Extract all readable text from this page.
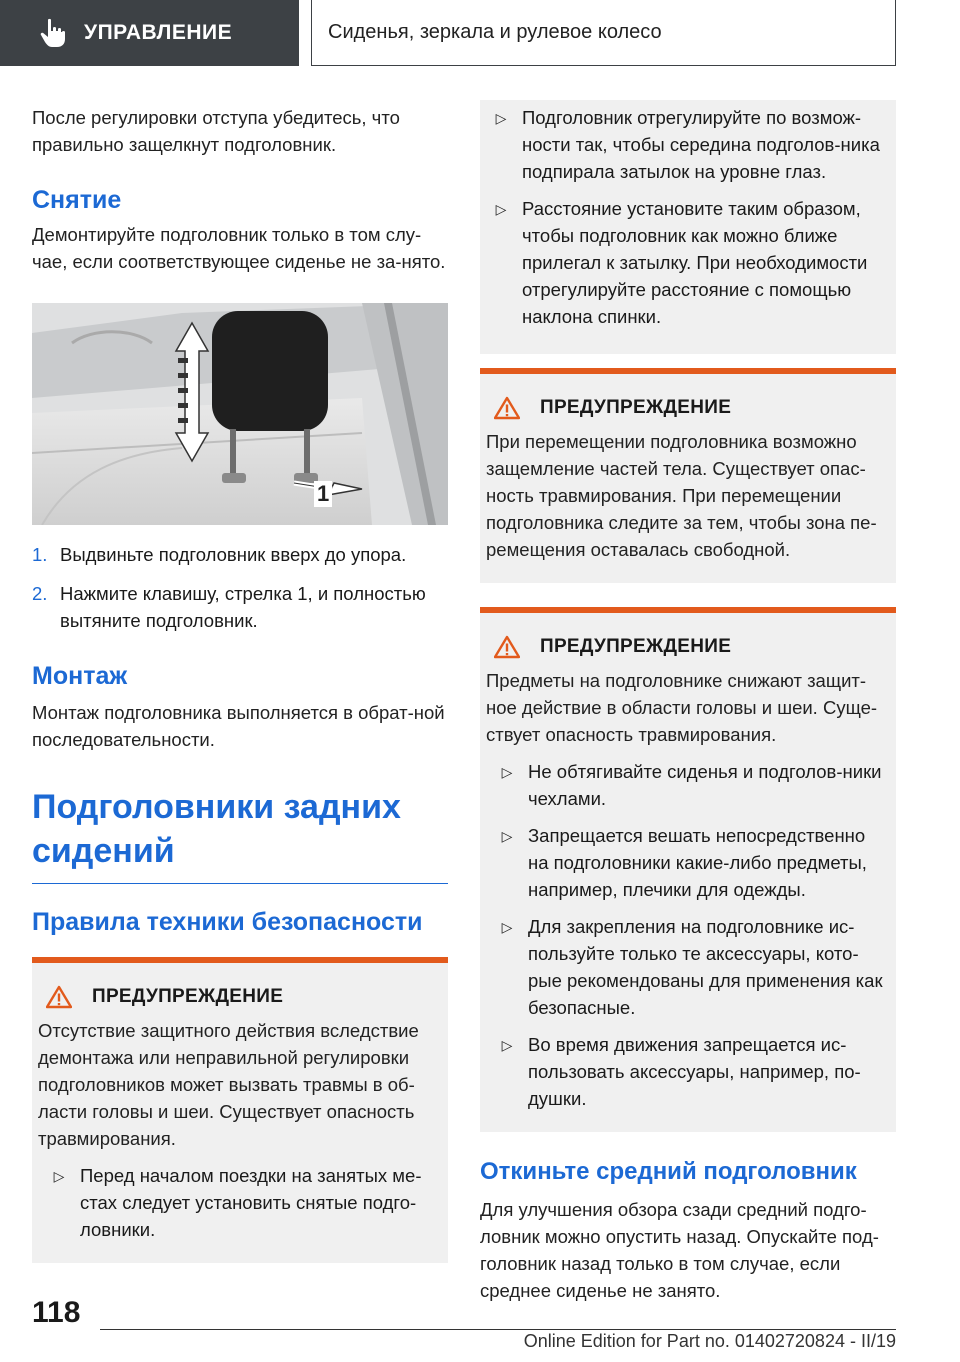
УПРАВЛЕНИЕ	Сиденья, зеркала и рулевое колесо

После регулировки отступа убедитесь, что правильно защелкнут подголовник.

Снятие

Демонтируйте подголовник только в том слу-чае, если соответствующее сиденье не за-нято.

1
1. Выдвиньте подголовник вверх до упора.
2. Нажмите клавишу, стрелка 1, и полностью вытяните подголовник.
Монтаж

Монтаж подголовника выполняется в обрат-ной последовательности.

Подголовники задних сидений
Правила техники безопасности
ПРЕДУПРЕЖДЕНИЕ

Отсутствие защитного действия вследствие демонтажа или неправильной регулировки подголовников может вызвать травмы в об-ласти головы и шеи. Существует опасность травмирования.

▷ Перед началом поездки на занятых ме-стах следует установить снятые подго-ловники.
▷ Подголовник отрегулируйте по возмож-ности так, чтобы середина подголов-ника подпирала затылок на уровне глаз.
▷ Расстояние установите таким образом, чтобы подголовник как можно ближе прилегал к затылку. При необходимости отрегулируйте расстояние с помощью наклона спинки.
ПРЕДУПРЕЖДЕНИЕ

При перемещении подголовника возможно защемление частей тела. Существует опас-ность травмирования. При перемещении подголовника следите за тем, чтобы зона пе-ремещения оставалась свободной.

ПРЕДУПРЕЖДЕНИЕ

Предметы на подголовнике снижают защит-ное действие в области головы и шеи. Суще-ствует опасность травмирования.

▷ Не обтягивайте сиденья и подголов-ники чехлами.
▷ Запрещается вешать непосредственно на подголовники какие-либо предметы, например, плечики для одежды.
▷ Для закрепления на подголовнике ис-пользуйте только те аксессуары, кото-рые рекомендованы для применения как безопасные.
▷ Во время движения запрещается ис-пользовать аксессуары, например, по-душки.
Откиньте средний подголовник

Для улучшения обзора сзади средний подго-ловник можно опустить назад. Опускайте под-головник назад только в том случае, если среднее сиденье не занято.

118
Online Edition for Part no. 01402720824 - II/19
